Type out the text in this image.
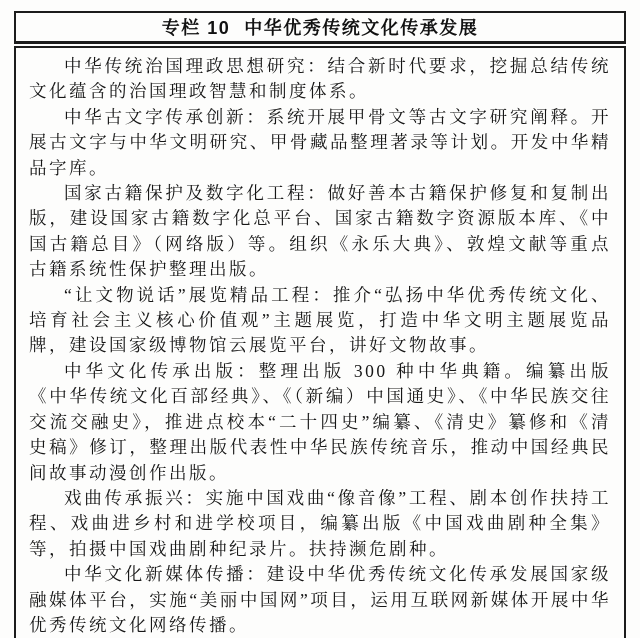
专栏 10 中华优秀传统文化传承发展

中华传统治国理政思想研究：结合新时代要求，挖掘总结传统文化蕴含的治国理政智慧和制度体系。

中华古文字传承创新：系统开展甲骨文等古文字研究阐释。开展古文字与中华文明研究、甲骨藏品整理著录等计划。开发中华精品字库。

国家古籍保护及数字化工程：做好善本古籍保护修复和复制出版，建设国家古籍数字化总平台、国家古籍数字资源版本库、《中国古籍总目》（网络版）等。组织《永乐大典》、敦煌文献等重点古籍系统性保护整理出版。

“让文物说话”展览精品工程：推介“弘扬中华优秀传统文化、培育社会主义核心价值观”主题展览，打造中华文明主题展览品牌，建设国家级博物馆云展览平台，讲好文物故事。

中华文化传承出版：整理出版 300 种中华典籍。编纂出版《中华传统文化百部经典》、《（新编）中国通史》、《中华民族交往交流交融史》，推进点校本“二十四史”编纂、《清史》纂修和《清史稿》修订，整理出版代表性中华民族传统音乐，推动中国经典民间故事动漫创作出版。

戏曲传承振兴：实施中国戏曲“像音像”工程、剧本创作扶持工程、戏曲进乡村和进学校项目，编纂出版《中国戏曲剧种全集》等，拍摄中国戏曲剧种纪录片。扶持濒危剧种。

中华文化新媒体传播：建设中华优秀传统文化传承发展国家级融媒体平台，实施“美丽中国网”项目，运用互联网新媒体开展中华优秀传统文化网络传播。
